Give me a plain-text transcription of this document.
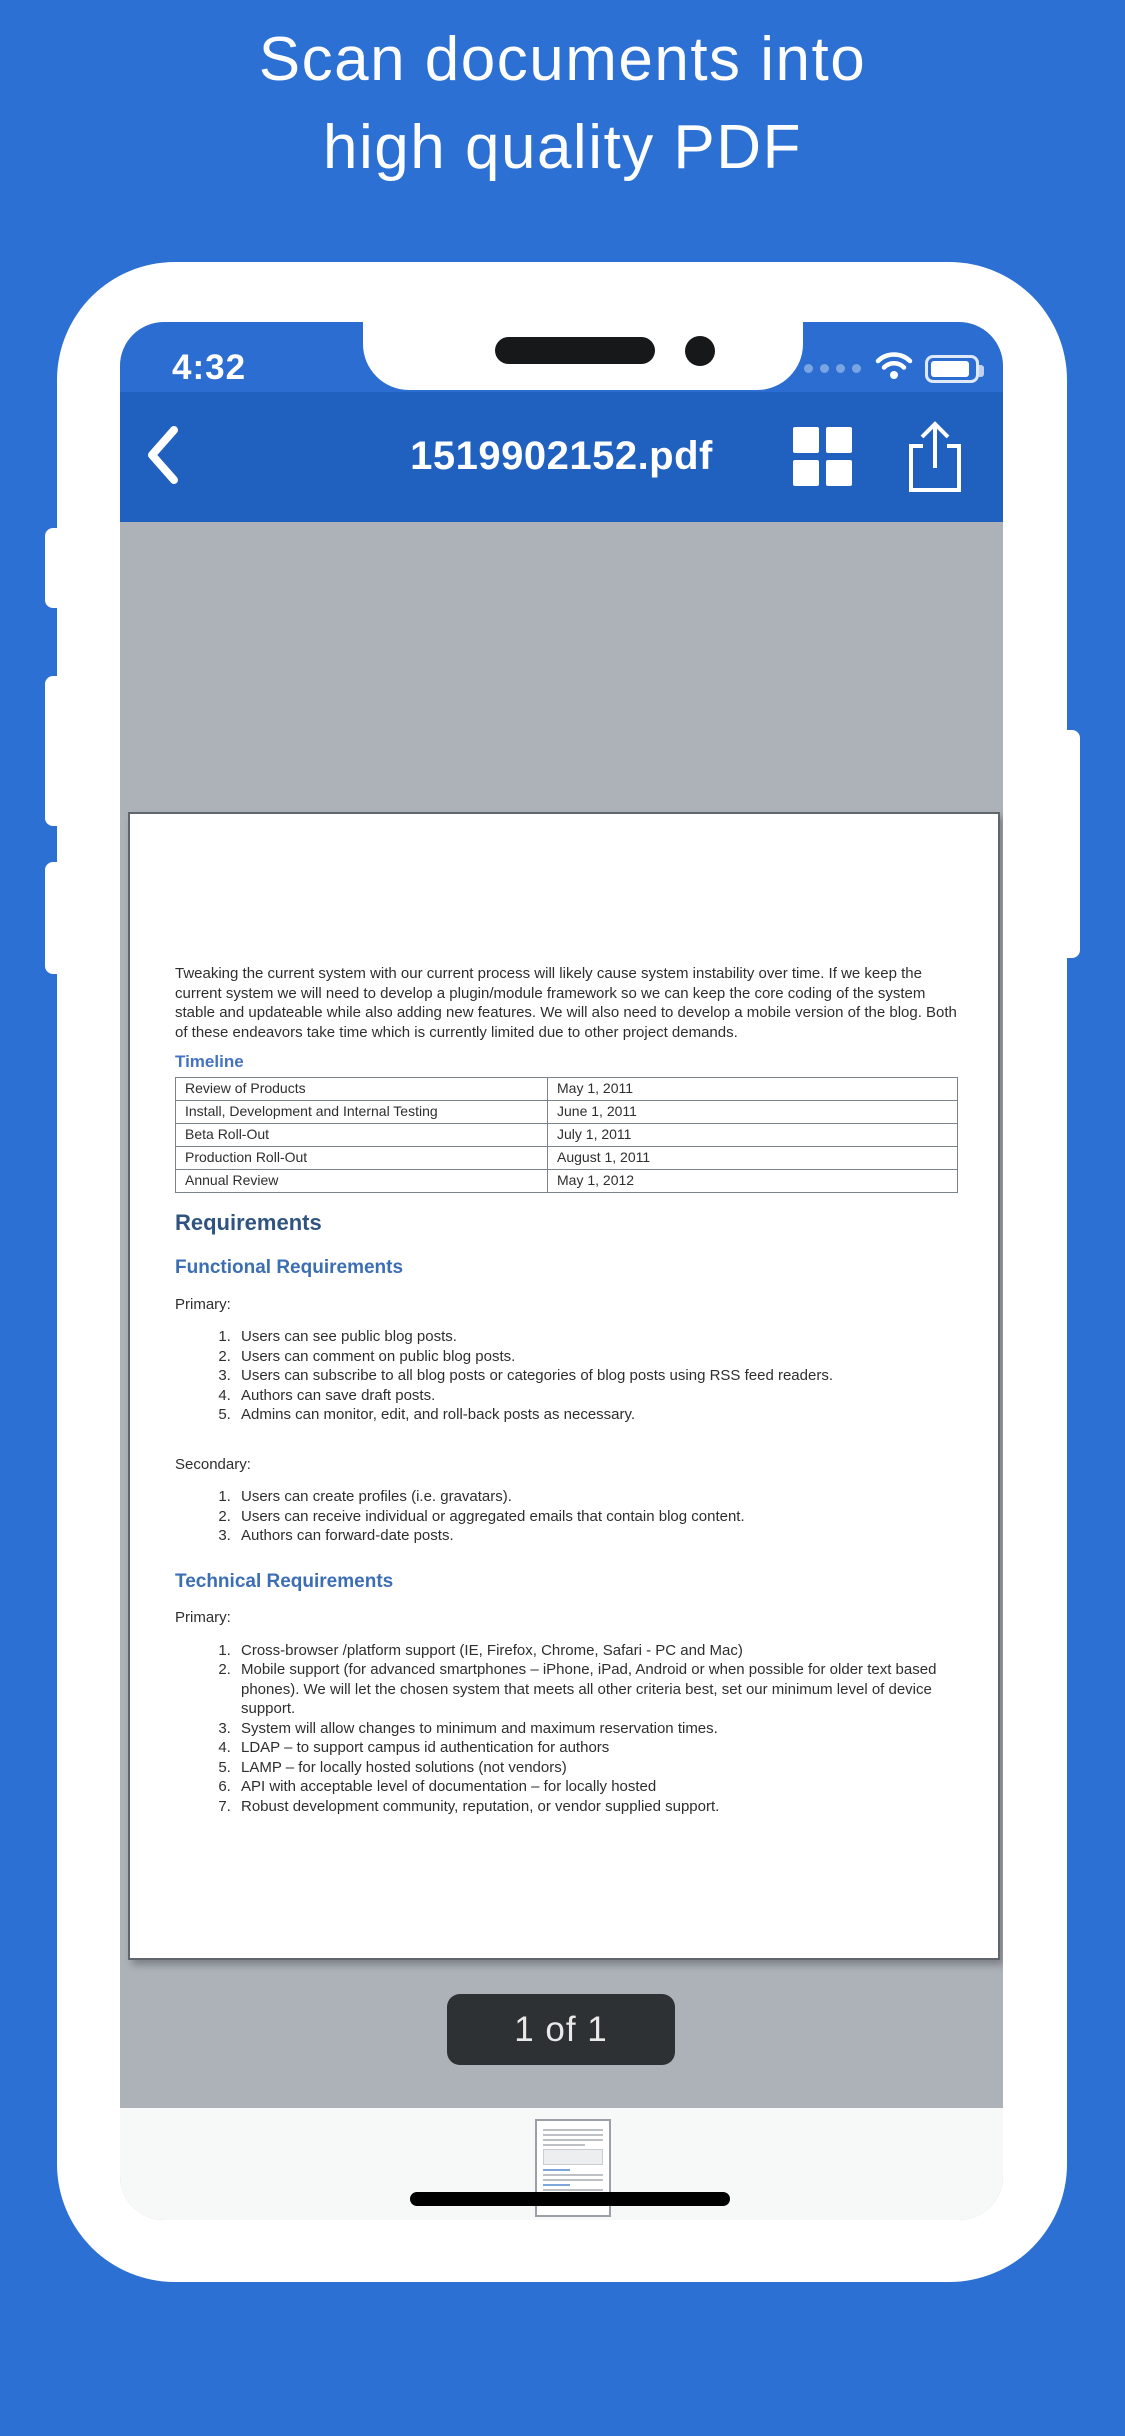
Scan documents into
high quality PDF
4:32
1519902152.pdf

Tweaking the current system with our current process will likely cause system instability over time. If we keep the current system we will need to develop a plugin/module framework so we can keep the core coding of the system stable and updateable while also adding new features. We will also need to develop a mobile version of the blog. Both of these endeavors take time which is currently limited due to other project demands.

Timeline
Review of Products	May 1, 2011
Install, Development and Internal Testing	June 1, 2011
Beta Roll-Out	July 1, 2011
Production Roll-Out	August 1, 2011
Annual Review	May 1, 2012
Requirements
Functional Requirements
Primary:
1. Users can see public blog posts.
2. Users can comment on public blog posts.
3. Users can subscribe to all blog posts or categories of blog posts using RSS feed readers.
4. Authors can save draft posts.
5. Admins can monitor, edit, and roll-back posts as necessary.
Secondary:
1. Users can create profiles (i.e. gravatars).
2. Users can receive individual or aggregated emails that contain blog content.
3. Authors can forward-date posts.
Technical Requirements
Primary:
1. Cross-browser /platform support (IE, Firefox, Chrome, Safari - PC and Mac)
2. Mobile support (for advanced smartphones – iPhone, iPad, Android or when possible for older text based phones). We will let the chosen system that meets all other criteria best, set our minimum level of device support.
3. System will allow changes to minimum and maximum reservation times.
4. LDAP – to support campus id authentication for authors
5. LAMP – for locally hosted solutions (not vendors)
6. API with acceptable level of documentation – for locally hosted
7. Robust development community, reputation, or vendor supplied support.
1 of 1
